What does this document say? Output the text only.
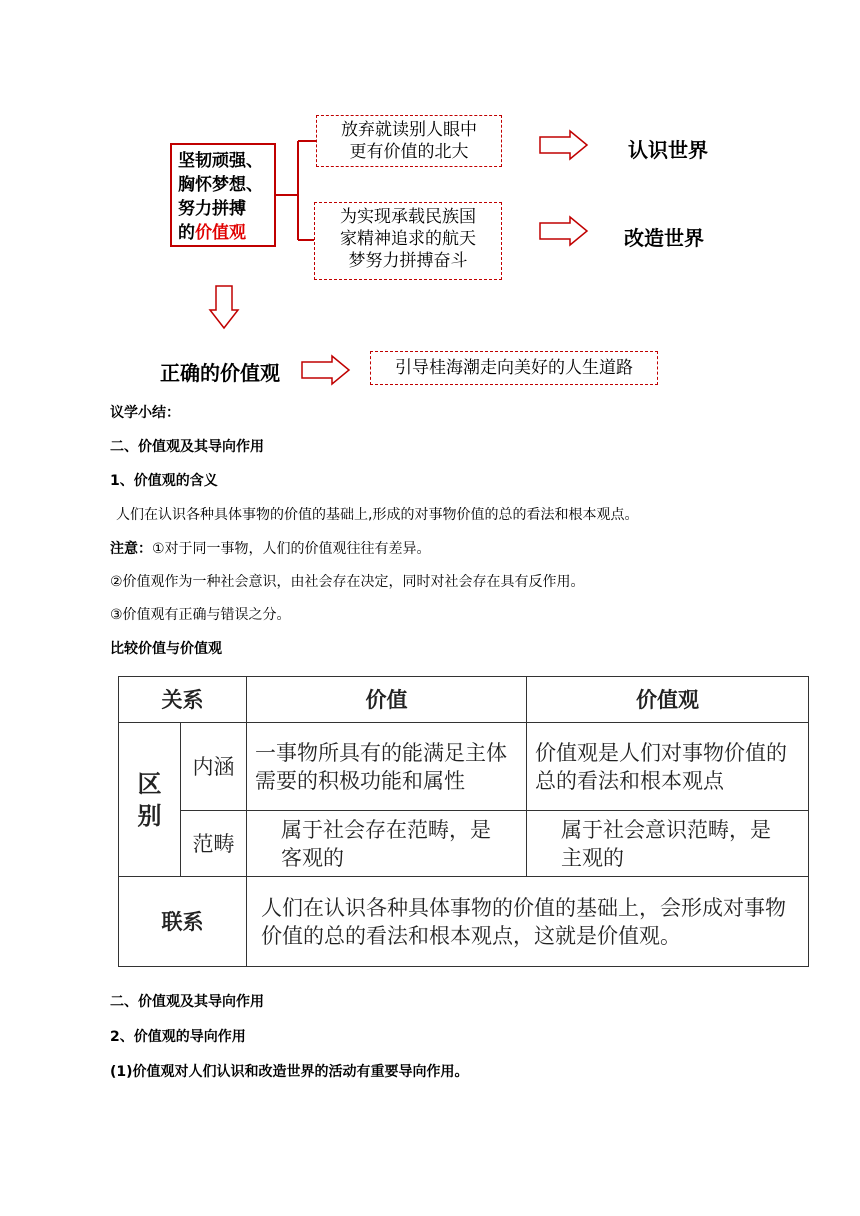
坚韧顽强、
胸怀梦想、
努力拼搏
的价值观
放弃就读别人眼中
更有价值的北大
为实现承载民族国
家精神追求的航天
梦努力拼搏奋斗
认识世界
改造世界
正确的价值观	引导桂海潮走向美好的人生道路
议学小结：
二、价值观及其导向作用
1、价值观的含义
人们在认识各种具体事物的价值的基础上,形成的对事物价值的总的看法和根本观点。
注意：①对于同一事物，人们的价值观往往有差异。
②价值观作为一种社会意识，由社会存在决定，同时对社会存在具有反作用。
③价值观有正确与错误之分。
比较价值与价值观
关系		价值	价值观

区
别	内涵	一事物所具有的能满足主体需要的积极功能和属性	价值观是人们对事物价值的总的看法和根本观点
	范畴	属于社会存在范畴，是客观的	属于社会意识范畴，是主观的
联系		人们在认识各种具体事物的价值的基础上，会形成对事物价值的总的看法和根本观点，这就是价值观。	
二、价值观及其导向作用
2、价值观的导向作用
(1)价值观对人们认识和改造世界的活动有重要导向作用。
